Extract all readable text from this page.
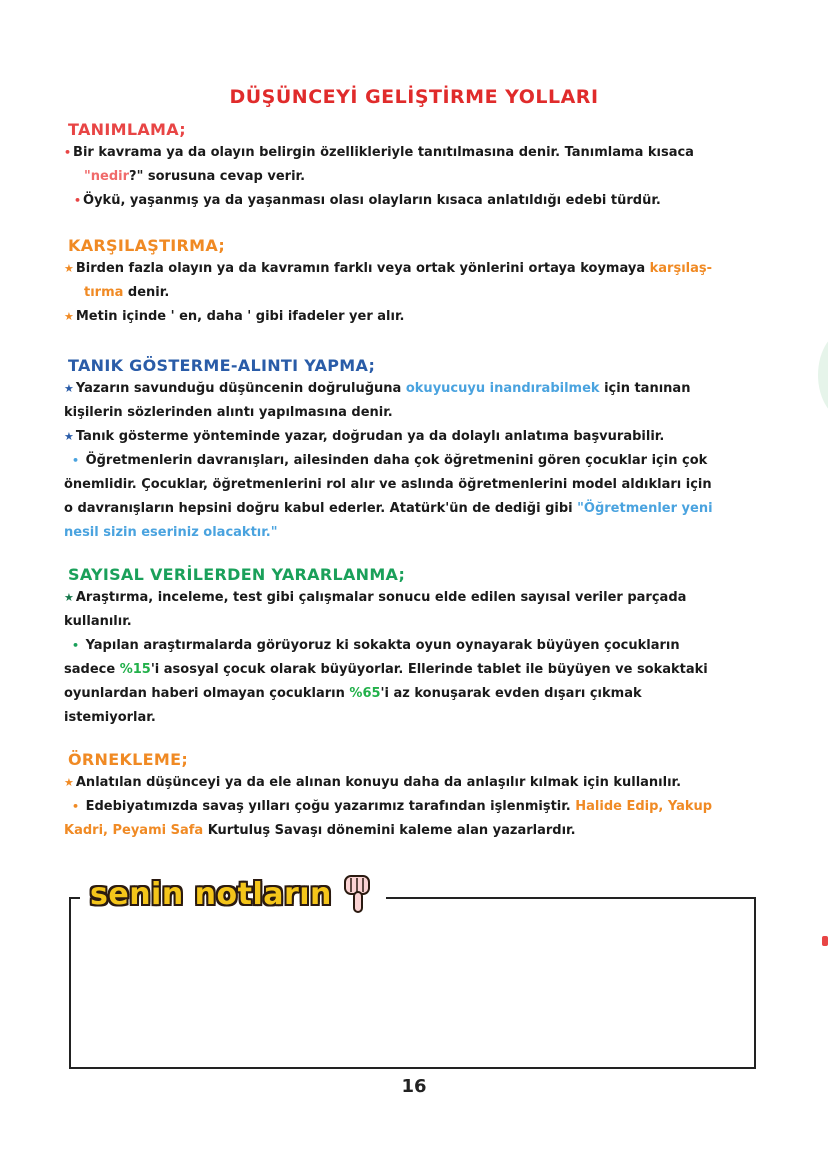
DÜŞÜNCEYİ GELİŞTİRME YOLLARI
TANIMLAMA;

• Bir kavrama ya da olayın belirgin özellikleriyle tanıtılmasına denir. Tanımlama kısaca

"nedir?" sorusuna cevap verir.

• Öykü, yaşanmış ya da yaşanması olası olayların kısaca anlatıldığı edebi türdür.

KARŞILAŞTIRMA;

★ Birden fazla olayın ya da kavramın farklı veya ortak yönlerini ortaya koymaya karşılaş-

tırma denir.

★ Metin içinde ' en, daha ' gibi ifadeler yer alır.

TANIK GÖSTERME-ALINTI YAPMA;

★ Yazarın savunduğu düşüncenin doğruluğuna okuyucuyu inandırabilmek için tanınan

kişilerin sözlerinden alıntı yapılmasına denir.

★ Tanık gösterme yönteminde yazar, doğrudan ya da dolaylı anlatıma başvurabilir.

• Öğretmenlerin davranışları, ailesinden daha çok öğretmenini gören çocuklar için çok

önemlidir. Çocuklar, öğretmenlerini rol alır ve aslında öğretmenlerini model aldıkları için

o davranışların hepsini doğru kabul ederler. Atatürk'ün de dediği gibi "Öğretmenler yeni

nesil sizin eseriniz olacaktır."

SAYISAL VERİLERDEN YARARLANMA;

★ Araştırma, inceleme, test gibi çalışmalar sonucu elde edilen sayısal veriler parçada

kullanılır.

• Yapılan araştırmalarda görüyoruz ki sokakta oyun oynayarak büyüyen çocukların

sadece %15'i asosyal çocuk olarak büyüyorlar. Ellerinde tablet ile büyüyen ve sokaktaki

oyunlardan haberi olmayan çocukların %65'i az konuşarak evden dışarı çıkmak

istemiyorlar.

ÖRNEKLEME;

★ Anlatılan düşünceyi ya da ele alınan konuyu daha da anlaşılır kılmak için kullanılır.

• Edebiyatımızda savaş yılları çoğu yazarımız tarafından işlenmiştir. Halide Edip, Yakup

Kadri, Peyami Safa Kurtuluş Savaşı dönemini kaleme alan yazarlardır.

senin notların
16
